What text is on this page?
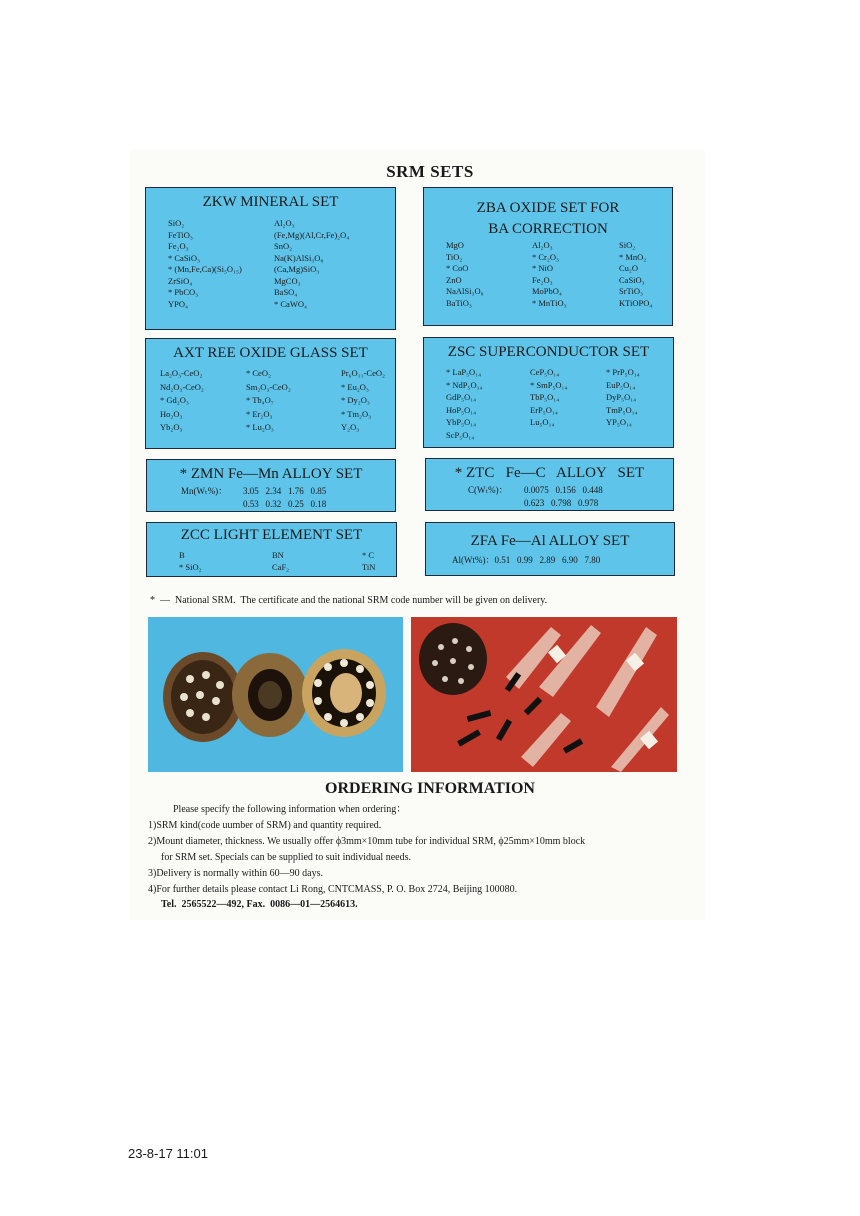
SRM SETS
ZKW MINERAL SET
SiO₂	Al₂O₃
FeTiO₃	(Fe,Mg)(Al,Cr,Fe)₂O₄
Fe₂O₃	SnO₂
* CaSiO₃	Na(K)AlSi₃O₈
* (Mn,Fe,Ca)(Si₅O₁₅)	(Ca,Mg)SiO₃
ZrSiO₄	MgCO₃
* PbCO₃	BaSO₄
YPO₄	* CaWO₄
ZBA OXIDE SET FOR
BA CORRECTION
MgO	Al₂O₃	SiO₂
TiO₂	* Cr₂O₃	* MnO₂
* CoO	* NiO	Cu₂O
ZnO	Fe₂O₃	CaSiO₃
NaAlSi₃O₈	MoPbO₄	SrTiO₃
BaTiO₃	* MnTiO₃	KTiOPO₄
AXT REE OXIDE GLASS SET
La₂O₃-CeO₂	* CeO₂	Pr₆O₁₁-CeO₂
Nd₂O₃-CeO₂	Sm₂O₃-CeO₂	* Eu₂O₃
* Gd₂O₃	* Tb₄O₇	* Dy₂O₃
Ho₂O₃	* Er₂O₃	* Tm₂O₃
Yb₂O₃	* Lu₂O₃	Y₂O₃
ZSC SUPERCONDUCTOR SET
* LaP₅O₁₄	CeP₅O₁₄	* PrP₅O₁₄
* NdP₅O₁₄	* SmP₅O₁₄	EuP₅O₁₄
GdP₅O₁₄	TbP₅O₁₄	DyP₅O₁₄
HoP₅O₁₄	ErP₅O₁₄	TmP₅O₁₄
YbP₅O₁₄	Lu₅O₁₄	YP₅O₁₄
ScP₅O₁₄
* ZMN Fe—Mn ALLOY SET
Mn(Wₜ%)： 3.05   2.34   1.76   0.85
0.53   0.32   0.25   0.18
* ZTC   Fe—C   ALLOY   SET
C(Wₜ%)： 0.0075   0.156   0.448
0.623   0.798   0.978
ZCC LIGHT ELEMENT SET
B	BN	* C
* SiO₂	CaF₂	TiN
ZFA Fe—Al ALLOY SET
Al(Wt%)：0.51   0.99   2.89   6.90   7.80
*  —  National SRM.  The certificate and the national SRM code number will be given on delivery.
ORDERING INFORMATION
Please specify the following information when ordering：
1)SRM kind(code uumber of SRM) and quantity required.
2)Mount diameter, thickness. We usually offer ϕ3mm×10mm tube for individual SRM, ϕ25mm×10mm block
for SRM set. Specials can be supplied to suit individual needs.
3)Delivery is normally within 60—90 days.
4)For further details please contact Li Rong, CNTCMASS, P. O. Box 2724, Beijing 100080.
Tel.  2565522—492, Fax.  0086—01—2564613.
23-8-17 11:01
